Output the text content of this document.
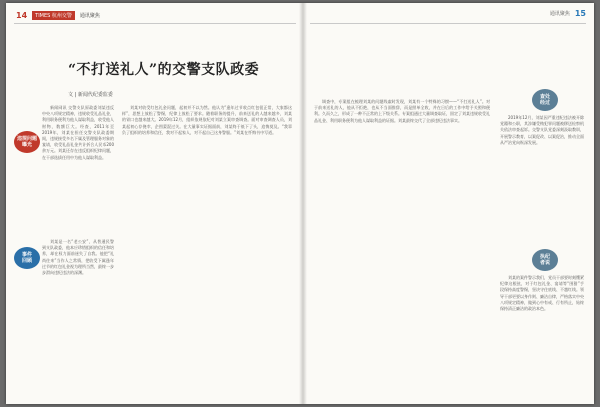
14	TIMES 杭州交警	通讯聚焦	通讯聚焦 15
“不打送礼人”的交警支队政委
文 | 新闻代纪委监委
违规问题
曝光
事件
回顾

新闻网讯 交警支队原政委刘某违反中央八项规定精神，违规收受礼品礼金，利用职务便利为他人谋取利益，收受他人财物，数额巨大。经查，2011年至2019年，刘某在担任交警支队政委期间，违规接受多名下属及管理服务对象的宴请，收受礼品礼金共计折合人民币200余万元。刘某还存在违反组织纪律问题，在干部选拔任用中为他人谋取利益。

刘某是一名“老公安”，从普通民警到支队政委，他本应珍惜组织的信任和培养，却在权力面前迷失了自我。他把“礼尚往来”当作人之常情，把收受下属逢年过节的红包礼金视为理所当然，最终一步步滑向违纪违法的深渊。

刘某对收受红包礼金问题，起初并不以为然。他认为“逢年过节收点红包很正常，大家都这样”，思想上放松了警惕，纪律上放松了要求。随着职务的提升，前来送礼的人越来越多，刘某的胃口也越来越大。2019年12月，组织依规依纪对刘某立案审查调查。面对审查调查人员，刘某起初心存侥幸，企图蒙混过关。在大量事实证据面前，刘某终于低下了头，追悔莫及。“我辜负了组织的培养和信任，我对不起家人，对不起自己这身警服。”刘某在忏悔书中写道。

调查中，专案组在梳理刘某的问题线索时发现，刘某有一个特殊的习惯——“不打送礼人”。对于前来送礼的人，他从不拒绝，也从不当面推辞，而是照单全收，并在日后的工作中给予关照和便利。久而久之，形成了一种不正常的上下级关系。专案组通过大量调查取证，固定了刘某违规收受礼品礼金、利用职务便利为他人谋取利益的证据。刘某最终交代了全部违纪违法事实。

查处
经过

2019年12月，刘某因严重违纪违法被开除党籍和公职，其涉嫌受贿犯罪问题被移送检察机关依法审查起诉。交警支队党委深刻汲取教训，开展警示教育，以案促改、以案促治，推动全面从严治党向纵深发展。

执纪
者说

刘某的案件警示我们，党员干部要时刻绷紧纪律这根弦，对于红包礼金、宴请等“围猎”手段保持高度警惕，坚决守住底线、不越红线。领导干部更要以身作则、廉洁自律，严格落实中央八项规定精神，做到心中有戒、行有所止，始终保持清正廉洁的政治本色。
